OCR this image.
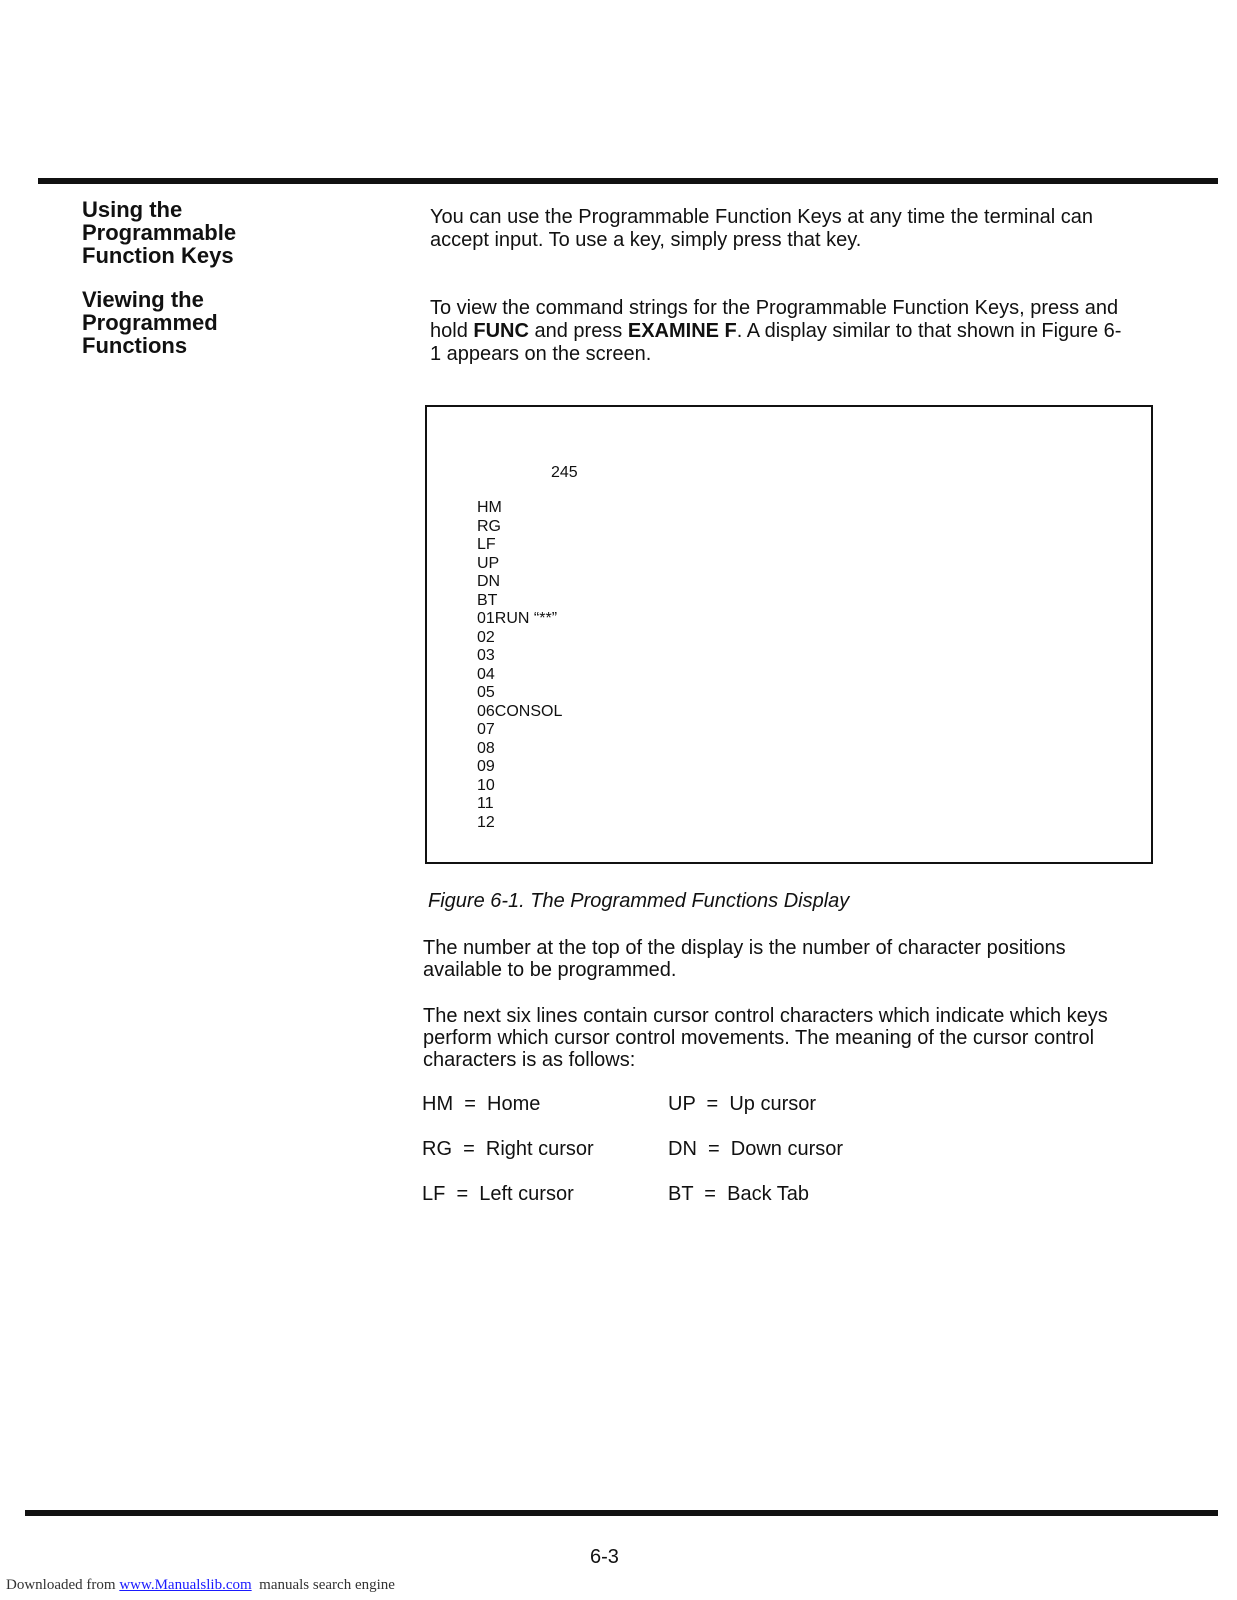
Using the
Programmable
Function Keys
Viewing the
Programmed
Functions
You can use the Programmable Function Keys at any time the terminal can accept input. To use a key, simply press that key.
To view the command strings for the Programmable Function Keys, press and hold FUNC and press EXAMINE F. A display similar to that shown in Figure 6-1 appears on the screen.
245
HM
RG
LF
UP
DN
BT
01RUN “**”
02
03
04
05
06CONSOL
07
08
09
10
11
12
Figure 6-1. The Programmed Functions Display
The number at the top of the display is the number of character positions available to be programmed.
The next six lines contain cursor control characters which indicate which keys perform which cursor control movements. The meaning of the cursor control characters is as follows:
HM  =  Home
RG  =  Right cursor
LF  =  Left cursor
UP  =  Up cursor
DN  =  Down cursor
BT  =  Back Tab
6-3
Downloaded from www.Manualslib.com  manuals search engine
